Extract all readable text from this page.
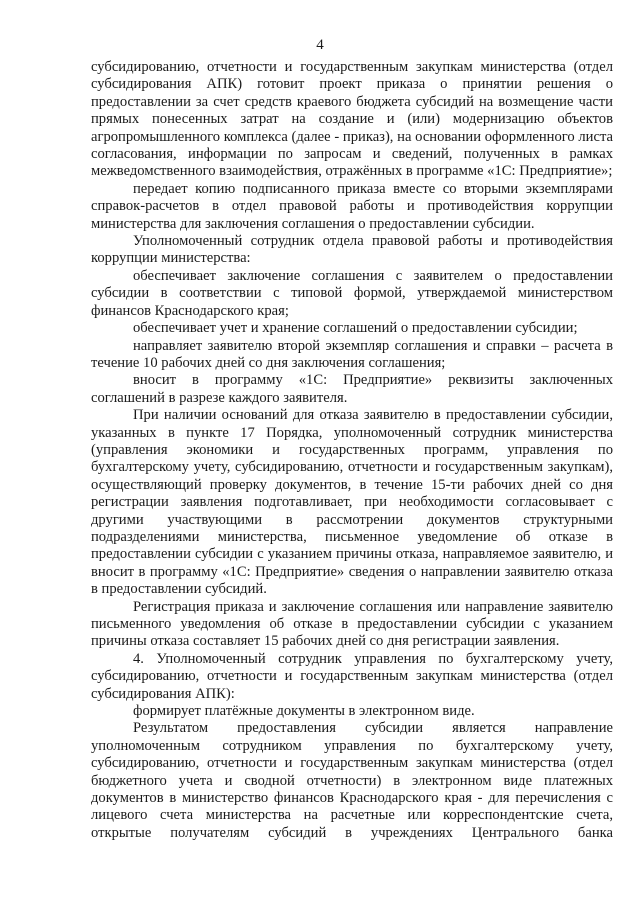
4

субсидированию, отчетности и государственным закупкам министерства (отдел субсидирования АПК) готовит проект приказа о принятии решения о предоставлении за счет средств краевого бюджета субсидий на возмещение части прямых понесенных затрат на создание и (или) модернизацию объектов агропромышленного комплекса (далее - приказ), на основании оформленного листа согласования, информации по запросам и сведений, полученных в рамках межведомственного взаимодействия, отражённых в программе «1С: Предприятие»;

передает копию подписанного приказа вместе со вторыми экземплярами справок-расчетов в отдел правовой работы и противодействия коррупции министерства для заключения соглашения о предоставлении субсидии.

Уполномоченный сотрудник отдела правовой работы и противодействия коррупции министерства:

обеспечивает заключение соглашения с заявителем о предоставлении субсидии в соответствии с типовой формой, утверждаемой министерством финансов Краснодарского края;

обеспечивает учет и хранение соглашений о предоставлении субсидии;

направляет заявителю второй экземпляр соглашения и справки – расчета в течение 10 рабочих дней со дня заключения соглашения;

вносит в программу «1С: Предприятие» реквизиты заключенных соглашений в разрезе каждого заявителя.

При наличии оснований для отказа заявителю в предоставлении субсидии, указанных в пункте 17 Порядка, уполномоченный сотрудник министерства (управления экономики и государственных программ, управления по бухгалтерскому учету, субсидированию, отчетности и государственным закупкам), осуществляющий проверку документов, в течение 15-ти рабочих дней со дня регистрации заявления подготавливает, при необходимости согласовывает с другими участвующими в рассмотрении документов структурными подразделениями министерства, письменное уведомление об отказе в предоставлении субсидии с указанием причины отказа, направляемое заявителю, и вносит в программу «1С: Предприятие» сведения о направлении заявителю отказа в предоставлении субсидий.

Регистрация приказа и заключение соглашения или направление заявителю письменного уведомления об отказе в предоставлении субсидии с указанием причины отказа составляет 15 рабочих дней со дня регистрации заявления.

4. Уполномоченный сотрудник управления по бухгалтерскому учету, субсидированию, отчетности и государственным закупкам министерства (отдел субсидирования АПК):

формирует платёжные документы в электронном виде.

Результатом предоставления субсидии является направление уполномоченным сотрудником управления по бухгалтерскому учету, субсидированию, отчетности и государственным закупкам министерства (отдел бюджетного учета и сводной отчетности) в электронном виде платежных документов в министерство финансов Краснодарского края - для перечисления с лицевого счета министерства на расчетные или корреспондентские счета, открытые получателям субсидий в учреждениях Центрального банка
